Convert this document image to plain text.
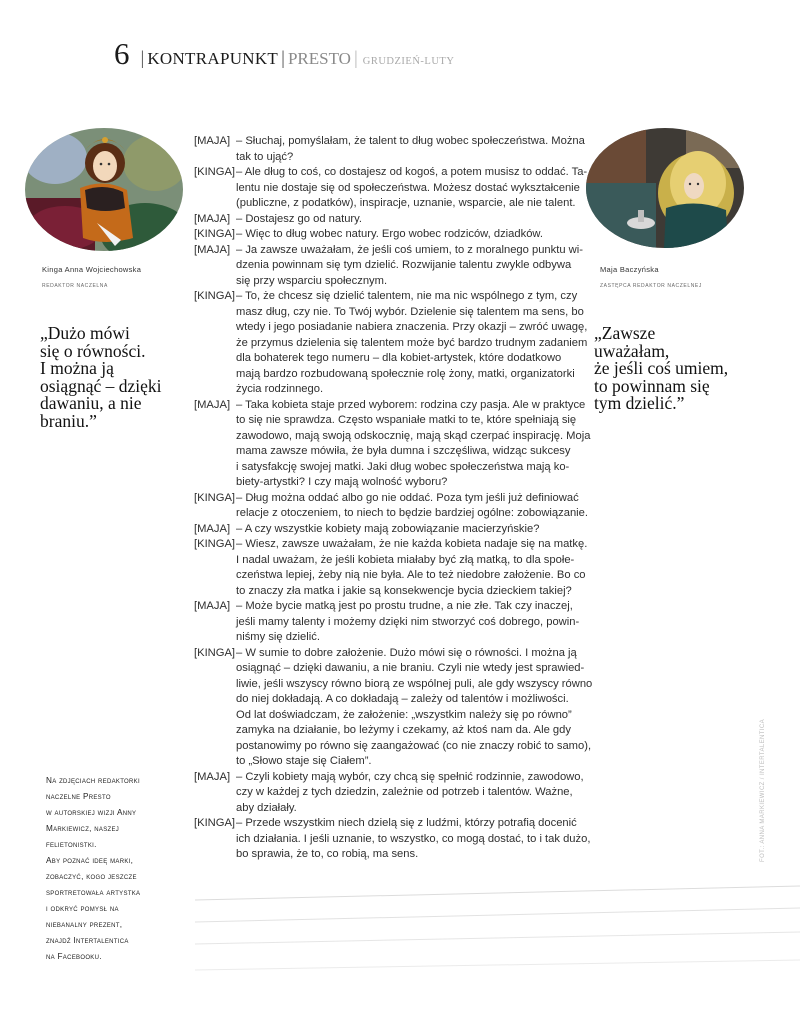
6 | KONTRAPUNKT | PRESTO | GRUDZIEŃ-LUTY
Kinga Anna Wojciechowska
REDAKTOR NACZELNA
Maja Baczyńska
ZASTĘPCA REDAKTOR NACZELNEJ
„Dużo mówi
się o równości.
I można ją
osiągnąć – dzięki
dawaniu, a nie
braniu.”
„Zawsze
uważałam,
że jeśli coś umiem,
to powinnam się
tym dzielić.”
[MAJA] – Słuchaj, pomyślałam, że talent to dług wobec społeczeństwa. Można
tak to ująć?
[KINGA] – Ale dług to coś, co dostajesz od kogoś, a potem musisz to oddać. Ta-
lentu nie dostaje się od społeczeństwa. Możesz dostać wykształcenie
(publiczne, z podatków), inspiracje, uznanie, wsparcie, ale nie talent.
[MAJA] – Dostajesz go od natury.
[KINGA] – Więc to dług wobec natury. Ergo wobec rodziców, dziadków.
[MAJA] – Ja zawsze uważałam, że jeśli coś umiem, to z moralnego punktu wi-
dzenia powinnam się tym dzielić. Rozwijanie talentu zwykle odbywa
się przy wsparciu społecznym.
[KINGA] – To, że chcesz się dzielić talentem, nie ma nic wspólnego z tym, czy
masz dług, czy nie. To Twój wybór. Dzielenie się talentem ma sens, bo
wtedy i jego posiadanie nabiera znaczenia. Przy okazji – zwróć uwagę,
że przymus dzielenia się talentem może być bardzo trudnym zadaniem
dla bohaterek tego numeru – dla kobiet-artystek, które dodatkowo
mają bardzo rozbudowaną społecznie rolę żony, matki, organizatorki
życia rodzinnego.
[MAJA] – Taka kobieta staje przed wyborem: rodzina czy pasja. Ale w praktyce
to się nie sprawdza. Często wspaniałe matki to te, które spełniają się
zawodowo, mają swoją odskocznię, mają skąd czerpać inspirację. Moja
mama zawsze mówiła, że była dumna i szczęśliwa, widząc sukcesy
i satysfakcję swojej matki. Jaki dług wobec społeczeństwa mają ko-
biety-artystki? I czy mają wolność wyboru?
[KINGA] – Dług można oddać albo go nie oddać. Poza tym jeśli już definiować
relacje z otoczeniem, to niech to będzie bardziej ogólne: zobowiązanie.
[MAJA] – A czy wszystkie kobiety mają zobowiązanie macierzyńskie?
[KINGA] – Wiesz, zawsze uważałam, że nie każda kobieta nadaje się na matkę.
I nadal uważam, że jeśli kobieta miałaby być złą matką, to dla społe-
czeństwa lepiej, żeby nią nie była. Ale to też niedobre założenie. Bo co
to znaczy zła matka i jakie są konsekwencje bycia dzieckiem takiej?
[MAJA] – Może bycie matką jest po prostu trudne, a nie złe. Tak czy inaczej,
jeśli mamy talenty i możemy dzięki nim stworzyć coś dobrego, powin-
niśmy się dzielić.
[KINGA] – W sumie to dobre założenie. Dużo mówi się o równości. I można ją
osiągnąć – dzięki dawaniu, a nie braniu. Czyli nie wtedy jest sprawied-
liwie, jeśli wszyscy równo biorą ze wspólnej puli, ale gdy wszyscy równo
do niej dokładają. A co dokładają – zależy od talentów i możliwości.
Od lat doświadczam, że założenie: „wszystkim należy się po równo”
zamyka na działanie, bo leżymy i czekamy, aż ktoś nam da. Ale gdy
postanowimy po równo się zaangażować (co nie znaczy robić to samo),
to „Słowo staje się Ciałem”.
[MAJA] – Czyli kobiety mają wybór, czy chcą się spełnić rodzinnie, zawodowo,
czy w każdej z tych dziedzin, zależnie od potrzeb i talentów. Ważne,
aby działały.
[KINGA] – Przede wszystkim niech dzielą się z ludźmi, którzy potrafią docenić
ich działania. I jeśli uznanie, to wszystko, co mogą dostać, to i tak dużo,
bo sprawia, że to, co robią, ma sens.
Na zdjęciach redaktorki
naczelne Presto
w autorskiej wizji Anny
Markiewicz, naszej
felietonistki.
Aby poznać ideę marki,
zobaczyć, kogo jeszcze
sportretowała artystka
i odkryć pomysł na
niebanalny prezent,
znajdź Intertalentica
na Facebooku.
FOT.: ANNA MARKIEWICZ / INTERTALENTICA
